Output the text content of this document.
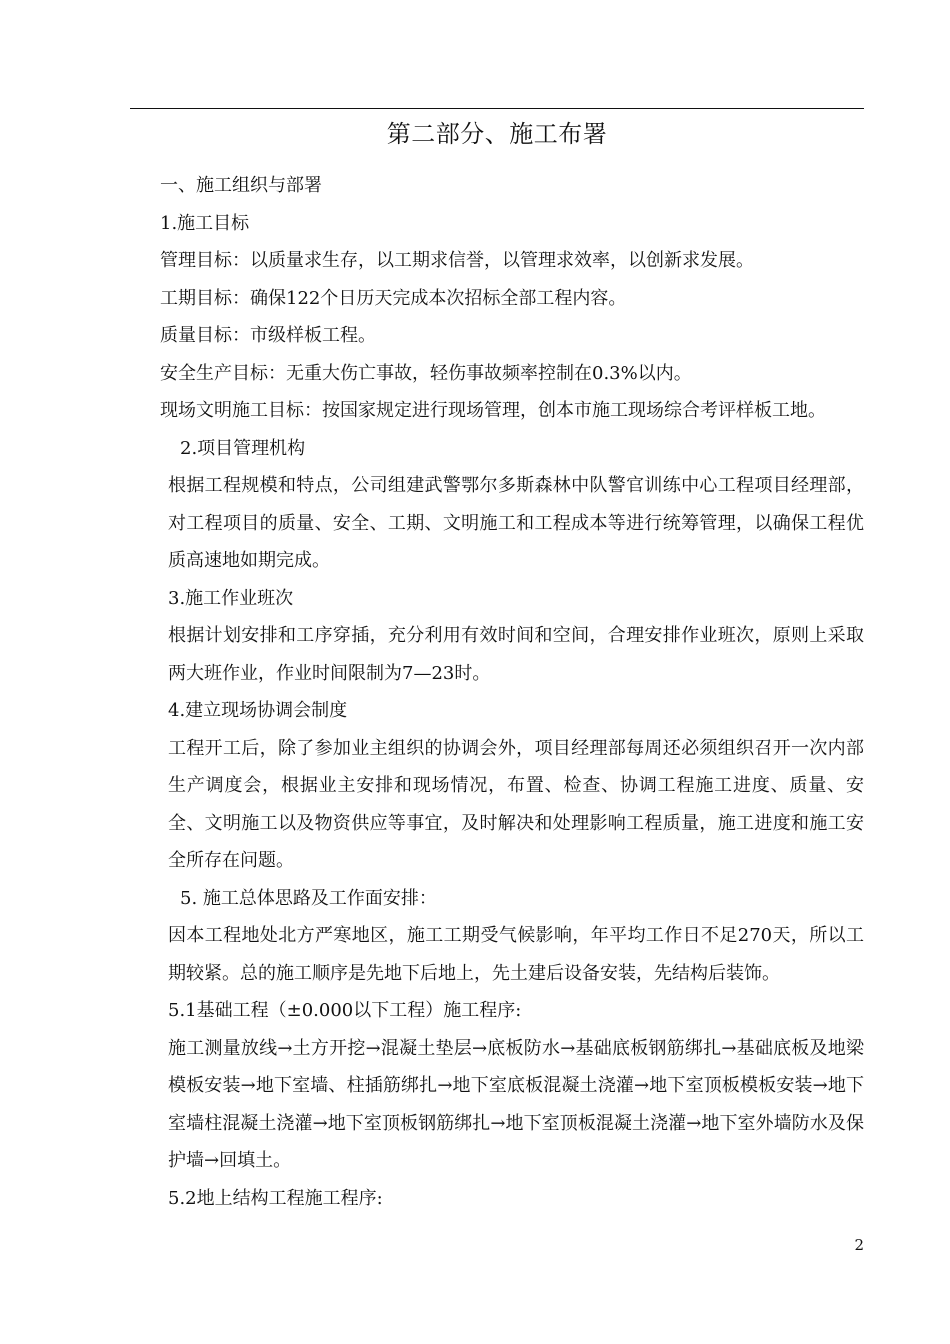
第二部分、施工布署

一、施工组织与部署

1.施工目标

管理目标：以质量求生存，以工期求信誉，以管理求效率，以创新求发展。

工期目标：确保122个日历天完成本次招标全部工程内容。

质量目标：市级样板工程。

安全生产目标：无重大伤亡事故，轻伤事故频率控制在0.3%以内。

现场文明施工目标：按国家规定进行现场管理，创本市施工现场综合考评样板工地。

2.项目管理机构

根据工程规模和特点，公司组建武警鄂尔多斯森林中队警官训练中心工程项目经理部，对工程项目的质量、安全、工期、文明施工和工程成本等进行统筹管理，以确保工程优质高速地如期完成。

3.施工作业班次

根据计划安排和工序穿插，充分利用有效时间和空间，合理安排作业班次，原则上采取两大班作业，作业时间限制为7—23时。

4.建立现场协调会制度

工程开工后，除了参加业主组织的协调会外，项目经理部每周还必须组织召开一次内部生产调度会，根据业主安排和现场情况，布置、检查、协调工程施工进度、质量、安全、文明施工以及物资供应等事宜，及时解决和处理影响工程质量，施工进度和施工安全所存在问题。

5. 施工总体思路及工作面安排：

因本工程地处北方严寒地区，施工工期受气候影响，年平均工作日不足270天，所以工期较紧。总的施工顺序是先地下后地上，先土建后设备安装，先结构后装饰。

5.1基础工程（±0.000以下工程）施工程序:

施工测量放线→土方开挖→混凝土垫层→底板防水→基础底板钢筋绑扎→基础底板及地梁模板安装→地下室墙、柱插筋绑扎→地下室底板混凝土浇灌→地下室顶板模板安装→地下室墙柱混凝土浇灌→地下室顶板钢筋绑扎→地下室顶板混凝土浇灌→地下室外墙防水及保护墙→回填土。

5.2地上结构工程施工程序:

2
